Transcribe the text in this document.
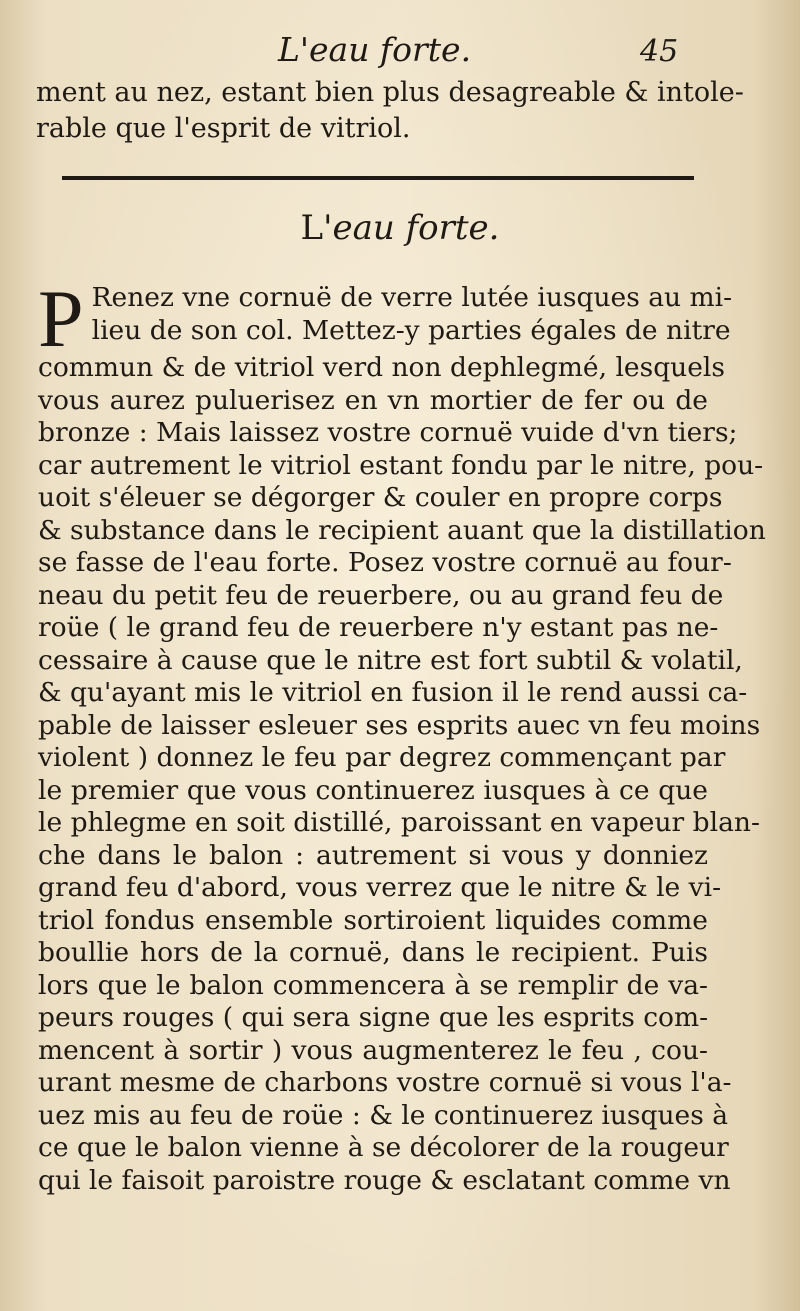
L'eau forte.	45
ment au nez, estant bien plus desagreable & intole-
rable que l'esprit de vitriol.
L'eau forte.
P Renez vne cornuë de verre lutée iusques au mi-
lieu de son col. Mettez-y parties égales de nitre
commun & de vitriol verd non dephlegmé, lesquels
vous aurez puluerisez en vn mortier de fer ou de
bronze : Mais laissez vostre cornuë vuide d'vn tiers;
car autrement le vitriol estant fondu par le nitre, pou-
uoit s'éleuer se dégorger & couler en propre corps
& substance dans le recipient auant que la distillation
se fasse de l'eau forte. Posez vostre cornuë au four-
neau du petit feu de reuerbere, ou au grand feu de
roüe ( le grand feu de reuerbere n'y estant pas ne-
cessaire à cause que le nitre est fort subtil & volatil,
& qu'ayant mis le vitriol en fusion il le rend aussi ca-
pable de laisser esleuer ses esprits auec vn feu moins
violent ) donnez le feu par degrez commençant par
le premier que vous continuerez iusques à ce que
le phlegme en soit distillé, paroissant en vapeur blan-
che dans le balon : autrement si vous y donniez
grand feu d'abord, vous verrez que le nitre & le vi-
triol fondus ensemble sortiroient liquides comme
boullie hors de la cornuë, dans le recipient. Puis
lors que le balon commencera à se remplir de va-
peurs rouges ( qui sera signe que les esprits com-
mencent à sortir ) vous augmenterez le feu , cou-
urant mesme de charbons vostre cornuë si vous l'a-
uez mis au feu de roüe : & le continuerez iusques à
ce que le balon vienne à se décolorer de la rougeur
qui le faisoit paroistre rouge & esclatant comme vn
